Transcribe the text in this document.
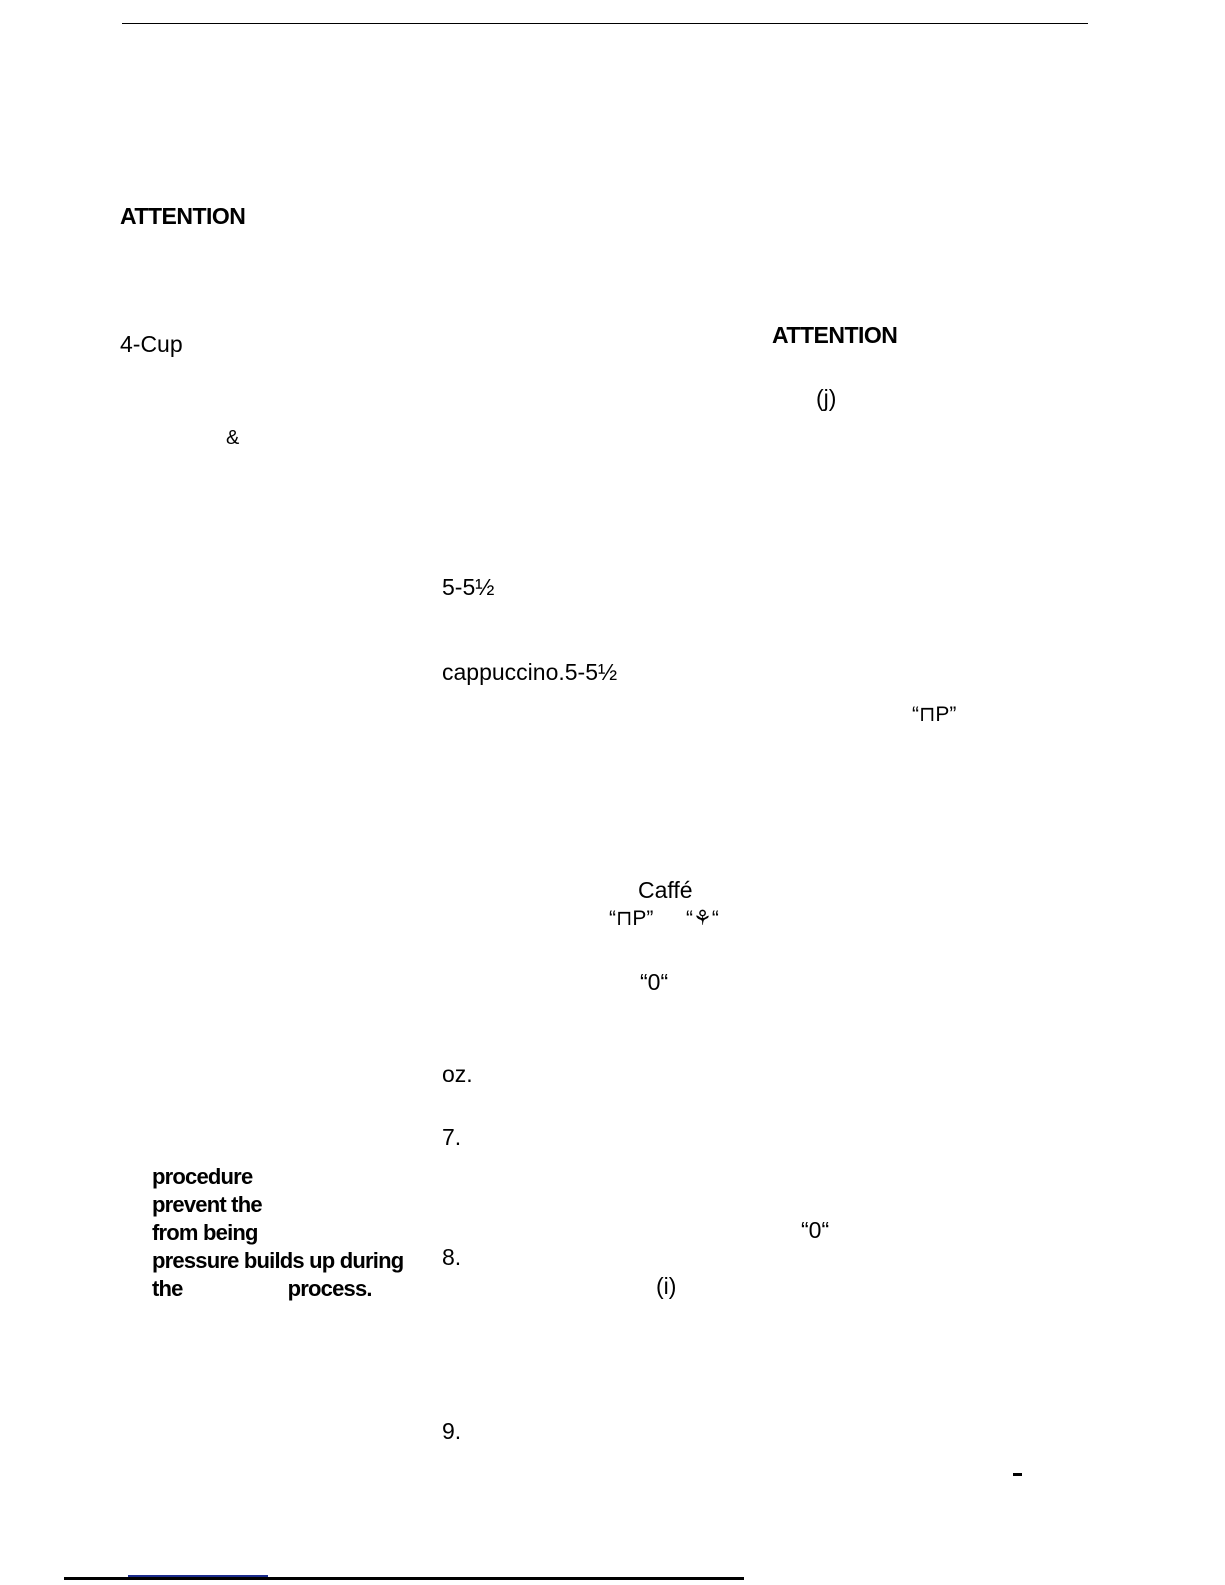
ATTENTION
4-Cup
&
procedure
prevent the
from being
pressure builds up during
the	process.
ATTENTION
(j)
5-5½
cappuccino.5-5½
“⊓P”
Caffé
“⊓P” “⚘“
“0“
oz.
7.
“0“
8.
(i)
9.
